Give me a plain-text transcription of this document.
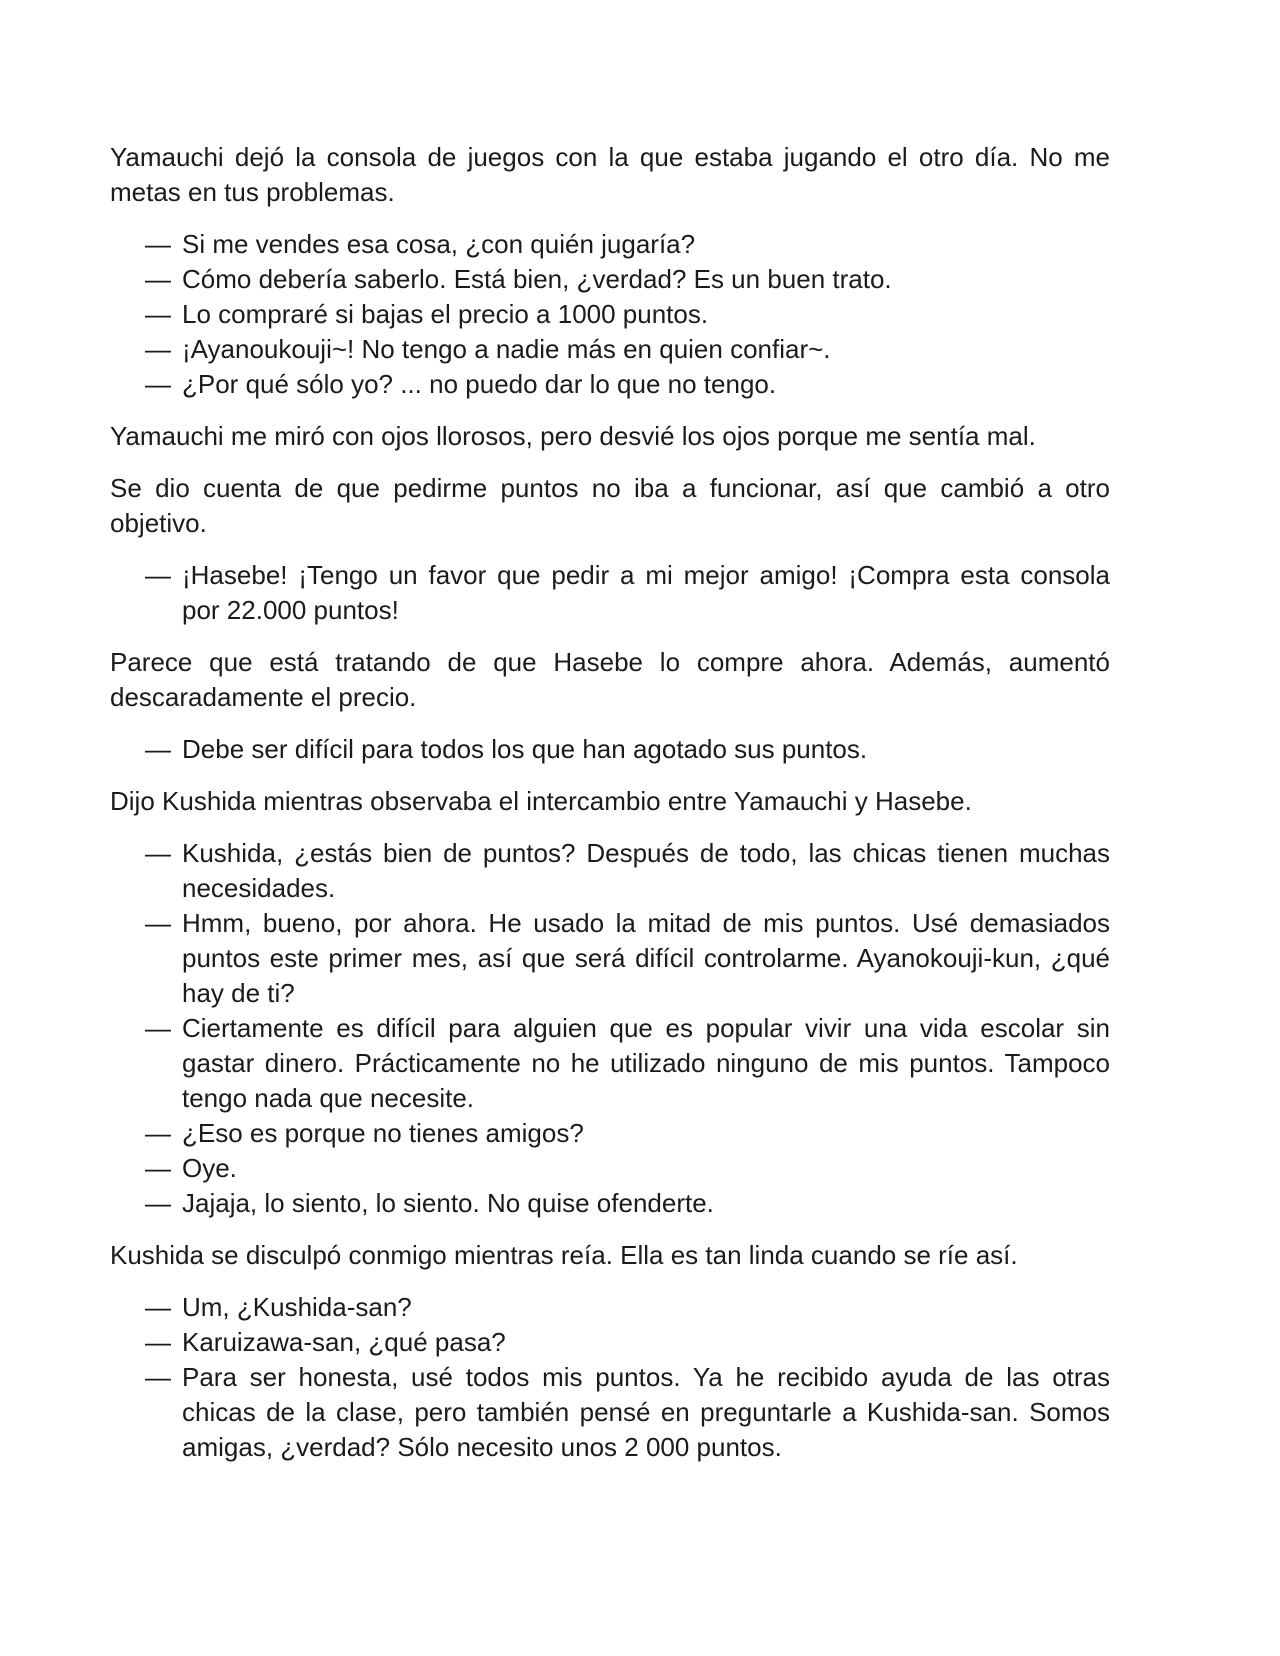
Yamauchi dejó la consola de juegos con la que estaba jugando el otro día. No me metas en tus problemas.

— Si me vendes esa cosa, ¿con quién jugaría?
— Cómo debería saberlo. Está bien, ¿verdad? Es un buen trato.
— Lo compraré si bajas el precio a 1000 puntos.
— ¡Ayanoukouji~! No tengo a nadie más en quien confiar~.
— ¿Por qué sólo yo? ... no puedo dar lo que no tengo.

Yamauchi me miró con ojos llorosos, pero desvié los ojos porque me sentía mal.

Se dio cuenta de que pedirme puntos no iba a funcionar, así que cambió a otro objetivo.

— ¡Hasebe! ¡Tengo un favor que pedir a mi mejor amigo! ¡Compra esta consola por 22.000 puntos!

Parece que está tratando de que Hasebe lo compre ahora. Además, aumentó descaradamente el precio.

— Debe ser difícil para todos los que han agotado sus puntos.

Dijo Kushida mientras observaba el intercambio entre Yamauchi y Hasebe.

— Kushida, ¿estás bien de puntos? Después de todo, las chicas tienen muchas necesidades.
— Hmm, bueno, por ahora. He usado la mitad de mis puntos. Usé demasiados puntos este primer mes, así que será difícil controlarme. Ayanokouji-kun, ¿qué hay de ti?
— Ciertamente es difícil para alguien que es popular vivir una vida escolar sin gastar dinero. Prácticamente no he utilizado ninguno de mis puntos. Tampoco tengo nada que necesite.
— ¿Eso es porque no tienes amigos?
— Oye.
— Jajaja, lo siento, lo siento. No quise ofenderte.

Kushida se disculpó conmigo mientras reía. Ella es tan linda cuando se ríe así.

— Um, ¿Kushida-san?
— Karuizawa-san, ¿qué pasa?
— Para ser honesta, usé todos mis puntos. Ya he recibido ayuda de las otras chicas de la clase, pero también pensé en preguntarle a Kushida-san. Somos amigas, ¿verdad? Sólo necesito unos 2 000 puntos.
